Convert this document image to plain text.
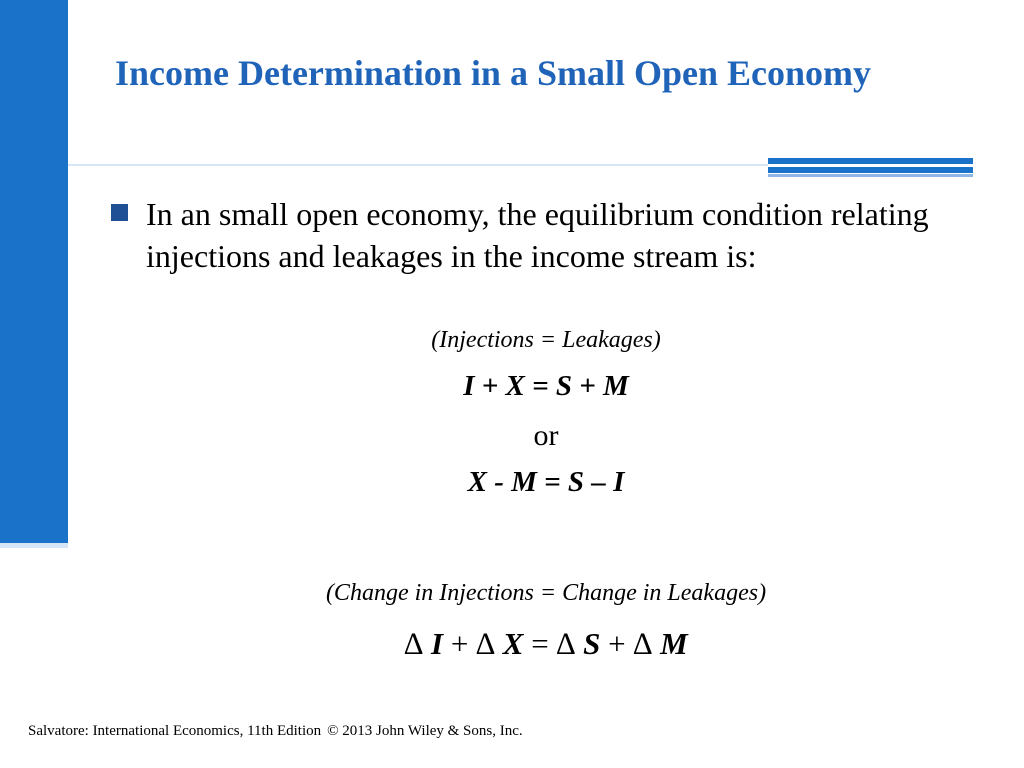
Income Determination in a Small Open Economy

In an small open economy, the equilibrium condition relating injections and leakages in the income stream is:

(Injections = Leakages)

I + X = S + M

or

X - M = S – I

(Change in Injections = Change in Leakages)

∆ I + ∆ X = ∆ S + ∆ M

Salvatore: International Economics, 11th Edition © 2013 John Wiley & Sons, Inc.
